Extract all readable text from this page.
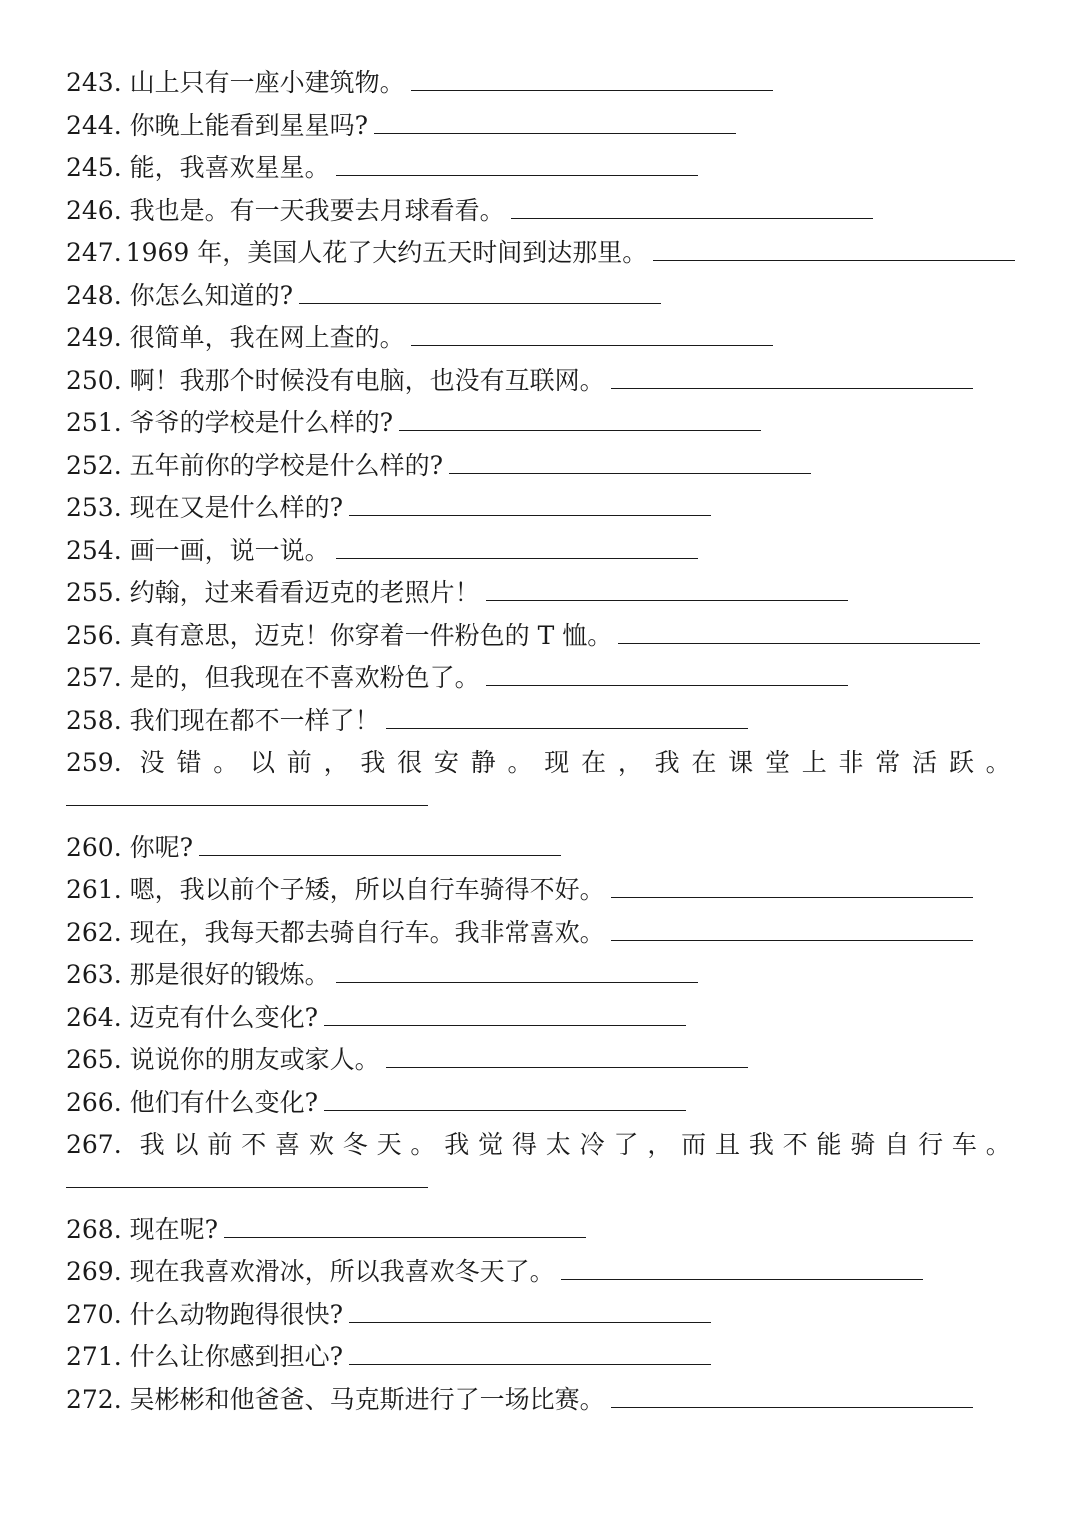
243. 山上只有一座小建筑物。
244. 你晚上能看到星星吗?
245. 能，我喜欢星星。
246. 我也是。有一天我要去月球看看。
247. 1969 年，美国人花了大约五天时间到达那里。
248. 你怎么知道的?
249. 很简单，我在网上查的。
250. 啊！我那个时候没有电脑，也没有互联网。
251. 爷爷的学校是什么样的?
252. 五年前你的学校是什么样的?
253. 现在又是什么样的?
254. 画一画，说一说。
255. 约翰，过来看看迈克的老照片！
256. 真有意思，迈克！你穿着一件粉色的 T 恤。
257. 是的，但我现在不喜欢粉色了。
258. 我们现在都不一样了！
259. 没 错 。 以 前 ， 我 很 安 静 。 现 在 ， 我 在 课 堂 上 非 常 活 跃 。
260. 你呢?
261. 嗯，我以前个子矮，所以自行车骑得不好。
262. 现在，我每天都去骑自行车。我非常喜欢。
263. 那是很好的锻炼。
264. 迈克有什么变化?
265. 说说你的朋友或家人。
266. 他们有什么变化?
267. 我 以 前 不 喜 欢 冬 天 。 我 觉 得 太 冷 了 ， 而 且 我 不 能 骑 自 行 车 。
268. 现在呢?
269. 现在我喜欢滑冰，所以我喜欢冬天了。
270. 什么动物跑得很快?
271. 什么让你感到担心?
272. 吴彬彬和他爸爸、马克斯进行了一场比赛。
